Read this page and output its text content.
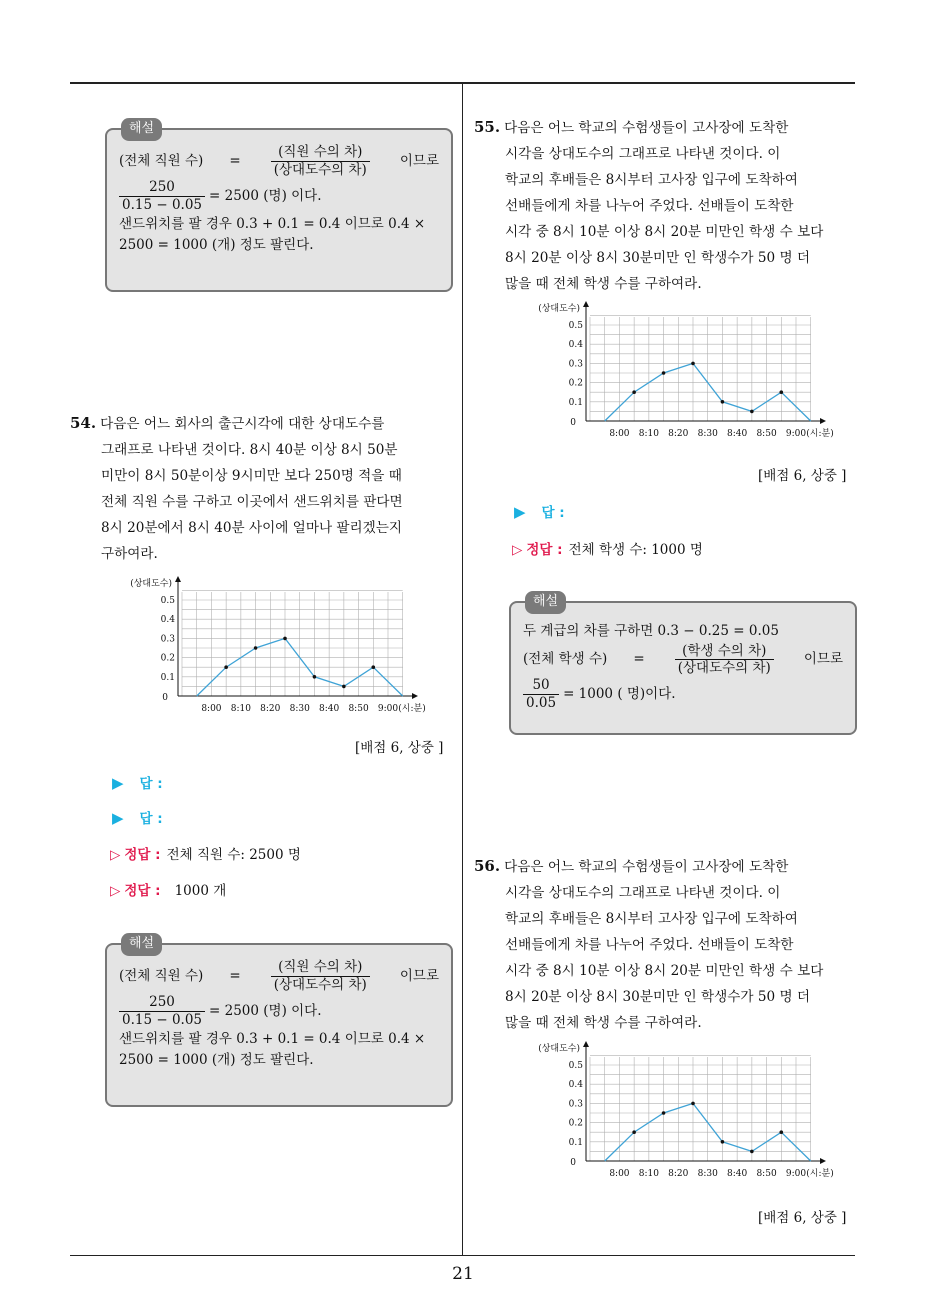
21
해설
(전체 직원 수) = $\frac{\text{(직원 수의 차)}}{\text{(상대도수의 차)}}$ 이므로
$\frac{250}{0.15 - 0.05} = 2500$ (명) 이다.
샌드위치를 팔 경우 0.3 + 0.1 = 0.4 이므로 0.4 ×
2500 = 1000 (개) 정도 팔린다.
54. 다음은 어느 회사의 출근시각에 대한 상대도수를
그래프로 나타낸 것이다. 8시 40분 이상 8시 50분
미만이 8시 50분이상 9시미만 보다 250명 적을 때
전체 직원 수를 구하고 이곳에서 샌드위치를 판다면
8시 20분에서 8시 40분 사이에 얼마나 팔리겠는지
구하여라.
0.1
0.2
0.3
0.4
0.5
0
(상대도수)
8:00 8:10 8:20 8:30 8:40 8:50 9:00 (시:분)
[배점 6, 상중 ]
▶ 답 :
▶ 답 :
▷ 정답 : 전체 직원 수: 2500 명
▷ 정답 : 1000 개
해설
(전체 직원 수) = $\frac{\text{(직원 수의 차)}}{\text{(상대도수의 차)}}$ 이므로
$\frac{250}{0.15 - 0.05} = 2500$ (명) 이다.
샌드위치를 팔 경우 0.3 + 0.1 = 0.4 이므로 0.4 ×
2500 = 1000 (개) 정도 팔린다.
55. 다음은 어느 학교의 수험생들이 고사장에 도착한
시각을 상대도수의 그래프로 나타낸 것이다. 이
학교의 후배들은 8시부터 고사장 입구에 도착하여
선배들에게 차를 나누어 주었다. 선배들이 도착한
시각 중 8시 10분 이상 8시 20분 미만인 학생 수 보다
8시 20분 이상 8시 30분미만 인 학생수가 50 명 더
많을 때 전체 학생 수를 구하여라.
0.1
0.2
0.3
0.4
0.5
0
(상대도수)
8:00 8:10 8:20 8:30 8:40 8:50 9:00 (시:분)
[배점 6, 상중 ]
▶ 답 :
▷ 정답 : 전체 학생 수: 1000 명
해설
두 계급의 차를 구하면 0.3 − 0.25 = 0.05
(전체 학생 수) = $\frac{\text{(학생 수의 차)}}{\text{(상대도수의 차)}}$ 이므로
$\frac{50}{0.05} = 1000$ ( 명)이다.
56. 다음은 어느 학교의 수험생들이 고사장에 도착한
시각을 상대도수의 그래프로 나타낸 것이다. 이
학교의 후배들은 8시부터 고사장 입구에 도착하여
선배들에게 차를 나누어 주었다. 선배들이 도착한
시각 중 8시 10분 이상 8시 20분 미만인 학생 수 보다
8시 20분 이상 8시 30분미만 인 학생수가 50 명 더
많을 때 전체 학생 수를 구하여라.
0.1
0.2
0.3
0.4
0.5
0
(상대도수)
8:00 8:10 8:20 8:30 8:40 8:50 9:00 (시:분)
[배점 6, 상중 ]
